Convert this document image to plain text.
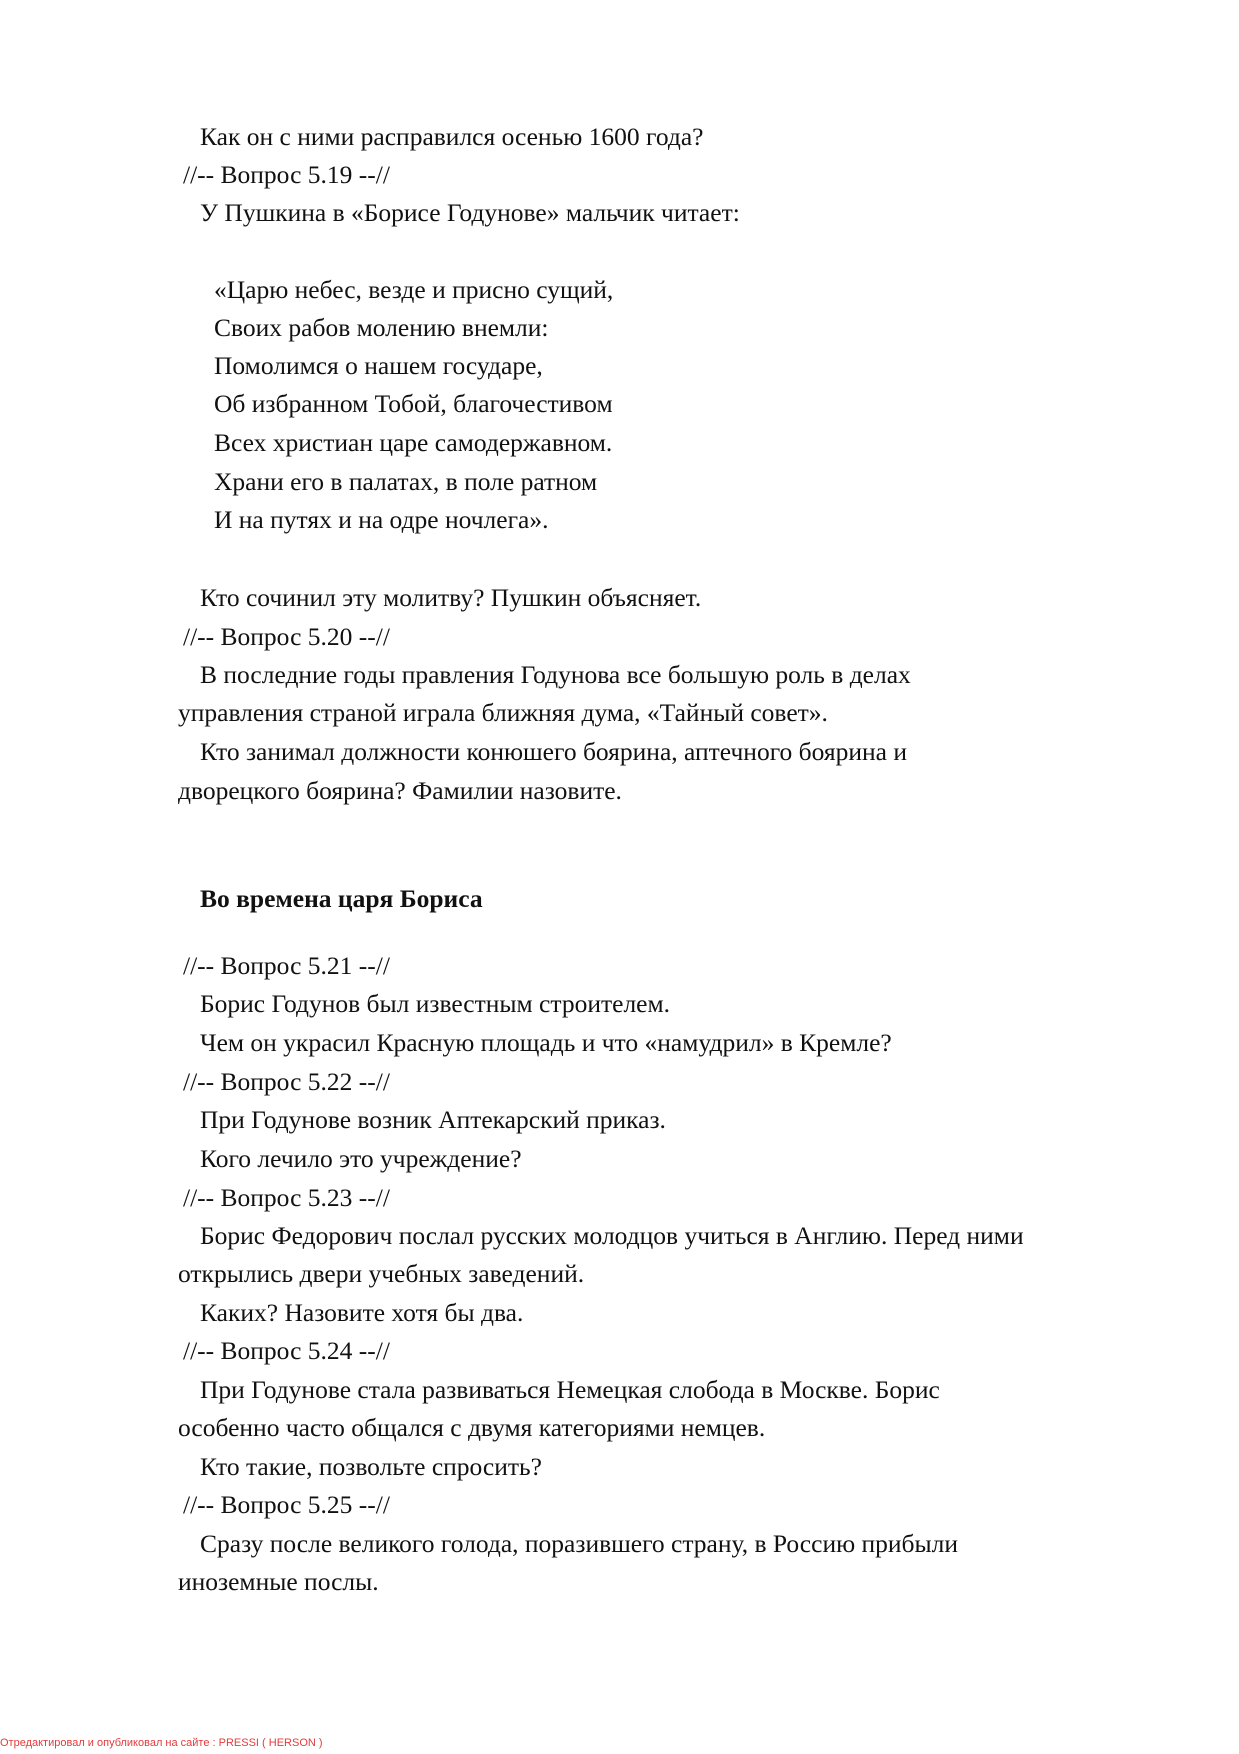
Как он с ними расправился осенью 1600 года?

//-- Вопрос 5.19 --//

У Пушкина в «Борисе Годунове» мальчик читает:

«Царю небес, везде и присно сущий,

Своих рабов молению внемли:

Помолимся о нашем государе,

Об избранном Тобой, благочестивом

Всех христиан царе самодержавном.

Храни его в палатах, в поле ратном

И на путях и на одре ночлега».

Кто сочинил эту молитву? Пушкин объясняет.

//-- Вопрос 5.20 --//

В последние годы правления Годунова все большую роль в делах

управления страной играла ближняя дума, «Тайный совет».

Кто занимал должности конюшего боярина, аптечного боярина и

дворецкого боярина? Фамилии назовите.

Во времена царя Бориса

//-- Вопрос 5.21 --//

Борис Годунов был известным строителем.

Чем он украсил Красную площадь и что «намудрил» в Кремле?

//-- Вопрос 5.22 --//

При Годунове возник Аптекарский приказ.

Кого лечило это учреждение?

//-- Вопрос 5.23 --//

Борис Федорович послал русских молодцов учиться в Англию. Перед ними

открылись двери учебных заведений.

Каких? Назовите хотя бы два.

//-- Вопрос 5.24 --//

При Годунове стала развиваться Немецкая слобода в Москве. Борис

особенно часто общался с двумя категориями немцев.

Кто такие, позвольте спросить?

//-- Вопрос 5.25 --//

Сразу после великого голода, поразившего страну, в Россию прибыли

иноземные послы.

Отредактировал и опубликовал на сайте : PRESSI ( HERSON )
